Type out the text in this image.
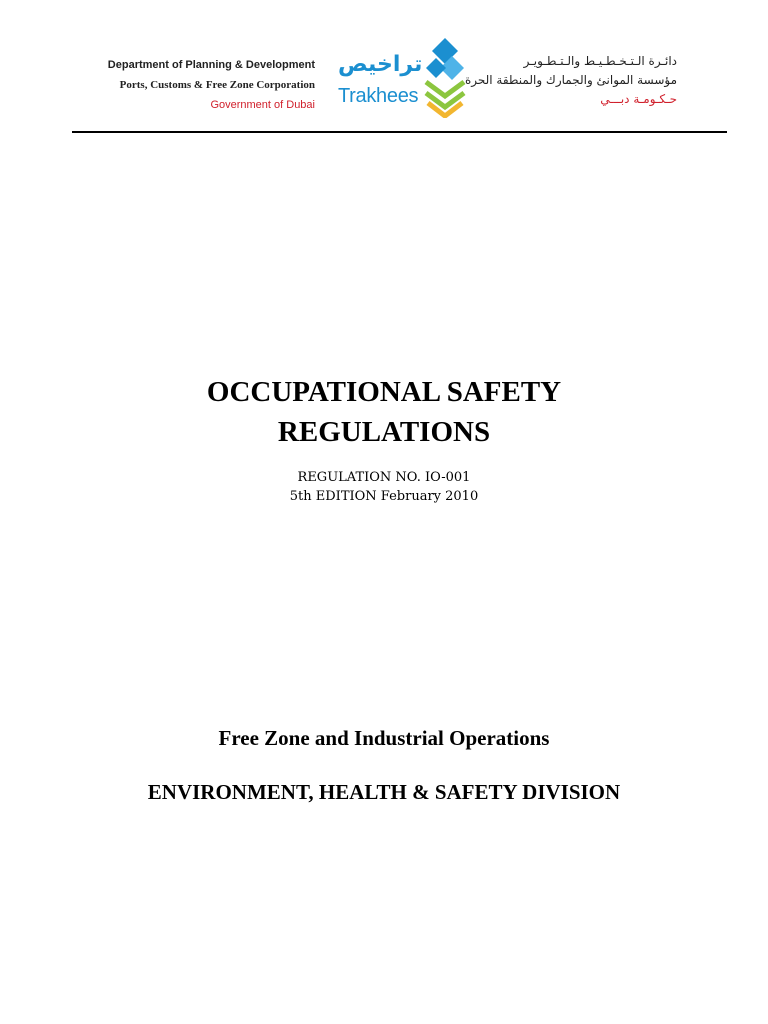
Department of Planning & Development
Ports, Customs & Free Zone Corporation
Government of Dubai
تراخيص
Trakhees
دائـرة الـتـخـطـيـط والـتـطـويـر
مؤسسة الموانئ والجمارك والمنطقة الحرة
حـكـومـة دبـــي
OCCUPATIONAL SAFETY
REGULATIONS
REGULATION NO. IO-001
5th EDITION February 2010
Free Zone and Industrial Operations
ENVIRONMENT, HEALTH & SAFETY DIVISION
